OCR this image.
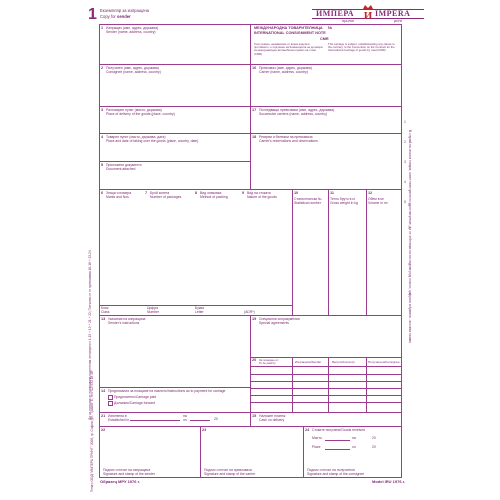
1 Екземпляр за изпращача
Copy for sender	ИМПЕРА И IMPERA
принт	print
1 Изпращач (име, адрес, държава)
Sender (name, address, country)
МЕЖДУНАРОДНА ТОВАРИТЕЛНИЦА №
INTERNATIONAL CONSIGNMENT NOTE
CMR
Този превоз, независимо от всяка клауза в противното, е подчинен на Конвенцията за договора за международен автомобилен превоз на стоки (CMR)
This carriage is subject, notwithstanding any clause to the contrary, to the Convention on the Contract for the International Carriage of goods by road (CMR)
2 Получател (име, адрес, държава)
Consignee (name, address, country)
16 Превозвач (име, адрес, държава)
Carrier (name, address, country)
3 Разтоварен пункт (място, държава)
Place of delivery of the goods (place, country)
17 Последващи превозвачи (име, адрес, държава)
Successive carriers (name, address, country)
4 Товарен пункт (място, държава, дата)
Place and date of taking over the goods (place, country, date)
18 Резерви и бележки на превозвача
Carrier's reservations and observations
5 Приложени документи
Document attached
6 Знаци и номера
Marks and Nos
7 Брой колета
Number of packages
8 Вид опаковка
Method of packing
9 Вид на стоката
Nature of the goods
10
Статистически №
Statistical number
11
Тегло бруто в кг
Gross weight in kg
12
Обем в м³
Volume in m³
Клас
Class
Цифра
Number
Буква
Letter	(ADR*)
13 Указания на изпращача
Sender's instructions
19 Специални споразумения
Special agreements
20 За плащане от:
To be paid by	Изпращача/Sender	Валута/Currency	Получателя/Consignee
14 Предписания за плащане на навлото/Instructions as to payment for carriage
Предплатено/Carriage paid
Дължимо/Carriage forward
21 Изготвена в
Established in
на
on	20
15 Наложен платеж
Cash on delivery
22	23	24 Стоките получени/Goods received
Място	на	20
Place	on	20
Подпис и печат на изпращача
Signature and stamp of the sender
Подпис и печат на превозвача
Signature and stamp of the carrier
Подпис и печат на получателя
Signature and stamp of the consignee
Образец МРУ 1976 г.	Model IRU 1976 г.
Да се попълва от превозвача под негова отговорност 1-15 + 19 + 21 + 22; Попълва се от превозвача 16-18 + 23-24
Печат: ООД "ИМПЕРА ПРИНТ" 2008, гр. София, ул. "Тракия" 6, тел. 02/ 931 18 10
В случай на опасни товари, освен евентуалното удостоверение, да се отбележи на последния ред: класът, цифрата и буквата - ако има такива
1
2
3
4
5
